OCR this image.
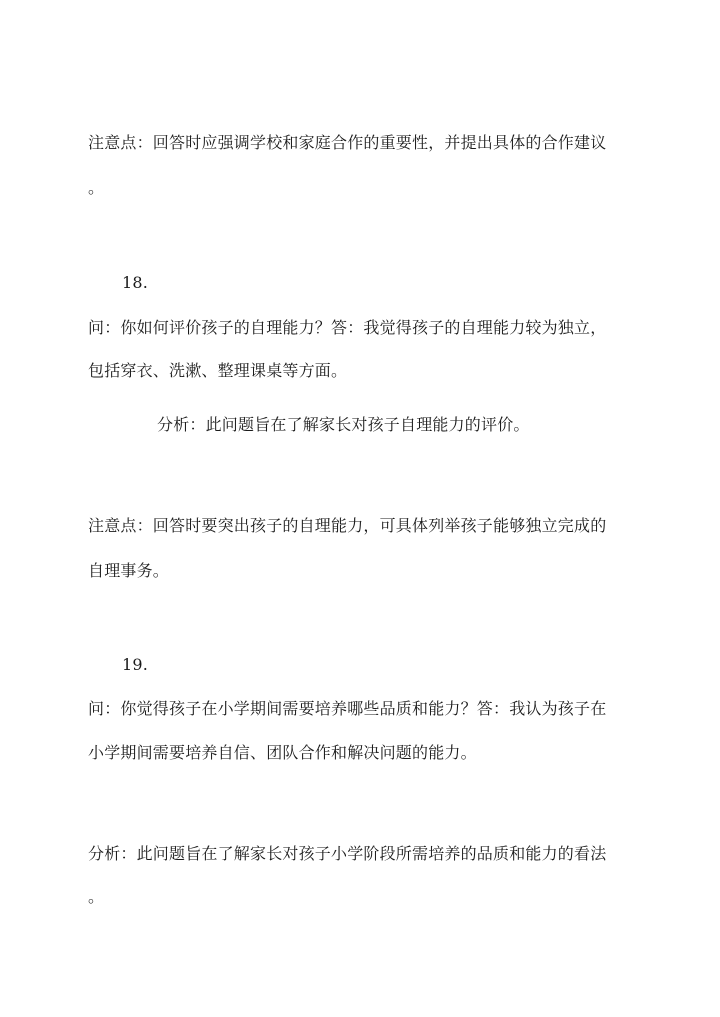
注意点：回答时应强调学校和家庭合作的重要性，并提出具体的合作建议
。
18.
问：你如何评价孩子的自理能力？答：我觉得孩子的自理能力较为独立，
包括穿衣、洗漱、整理课桌等方面。
分析：此问题旨在了解家长对孩子自理能力的评价。
注意点：回答时要突出孩子的自理能力，可具体列举孩子能够独立完成的
自理事务。
19.
问：你觉得孩子在小学期间需要培养哪些品质和能力？答：我认为孩子在
小学期间需要培养自信、团队合作和解决问题的能力。
分析：此问题旨在了解家长对孩子小学阶段所需培养的品质和能力的看法
。
